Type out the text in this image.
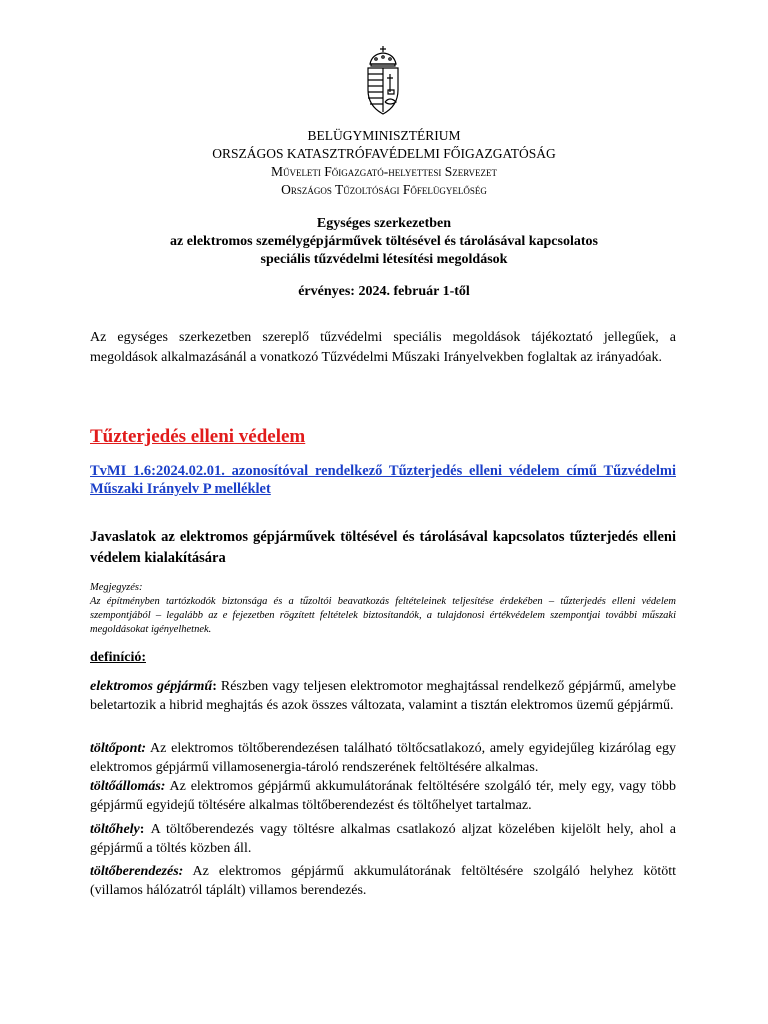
BELÜGYMINISZTÉRIUM
ORSZÁGOS KATASZTRÓFAVÉDELMI FŐIGAZGATÓSÁG
Műveleti Főigazgató-helyettesi Szervezet
Országos Tűzoltósági Főfelügyelőség
Egységes szerkezetben
az elektromos személygépjárművek töltésével és tárolásával kapcsolatos
speciális tűzvédelmi létesítési megoldások
érvényes: 2024. február 1-től

Az egységes szerkezetben szereplő tűzvédelmi speciális megoldások tájékoztató jellegűek, a megoldások alkalmazásánál a vonatkozó Tűzvédelmi Műszaki Irányelvekben foglaltak az irányadóak.

Tűzterjedés elleni védelem
TvMI 1.6:2024.02.01. azonosítóval rendelkező Tűzterjedés elleni védelem című Tűzvédelmi Műszaki Irányelv P melléklet
Javaslatok az elektromos gépjárművek töltésével és tárolásával kapcsolatos tűzterjedés elleni védelem kialakítására
Megjegyzés:
Az építményben tartózkodók biztonsága és a tűzoltói beavatkozás feltételeinek teljesítése érdekében – tűzterjedés elleni védelem szempontjából – legalább az e fejezetben rögzített feltételek biztosítandók, a tulajdonosi értékvédelem szempontjai további műszaki megoldásokat igényelhetnek.
definíció:
elektromos gépjármű: Részben vagy teljesen elektromotor meghajtással rendelkező gépjármű, amelybe beletartozik a hibrid meghajtás és azok összes változata, valamint a tisztán elektromos üzemű gépjármű.
töltőpont: Az elektromos töltőberendezésen található töltőcsatlakozó, amely egyidejűleg kizárólag egy elektromos gépjármű villamosenergia-tároló rendszerének feltöltésére alkalmas.
töltőállomás: Az elektromos gépjármű akkumulátorának feltöltésére szolgáló tér, mely egy, vagy több gépjármű egyidejű töltésére alkalmas töltőberendezést és töltőhelyet tartalmaz.
töltőhely: A töltőberendezés vagy töltésre alkalmas csatlakozó aljzat közelében kijelölt hely, ahol a gépjármű a töltés közben áll.
töltőberendezés: Az elektromos gépjármű akkumulátorának feltöltésére szolgáló helyhez kötött (villamos hálózatról táplált) villamos berendezés.
